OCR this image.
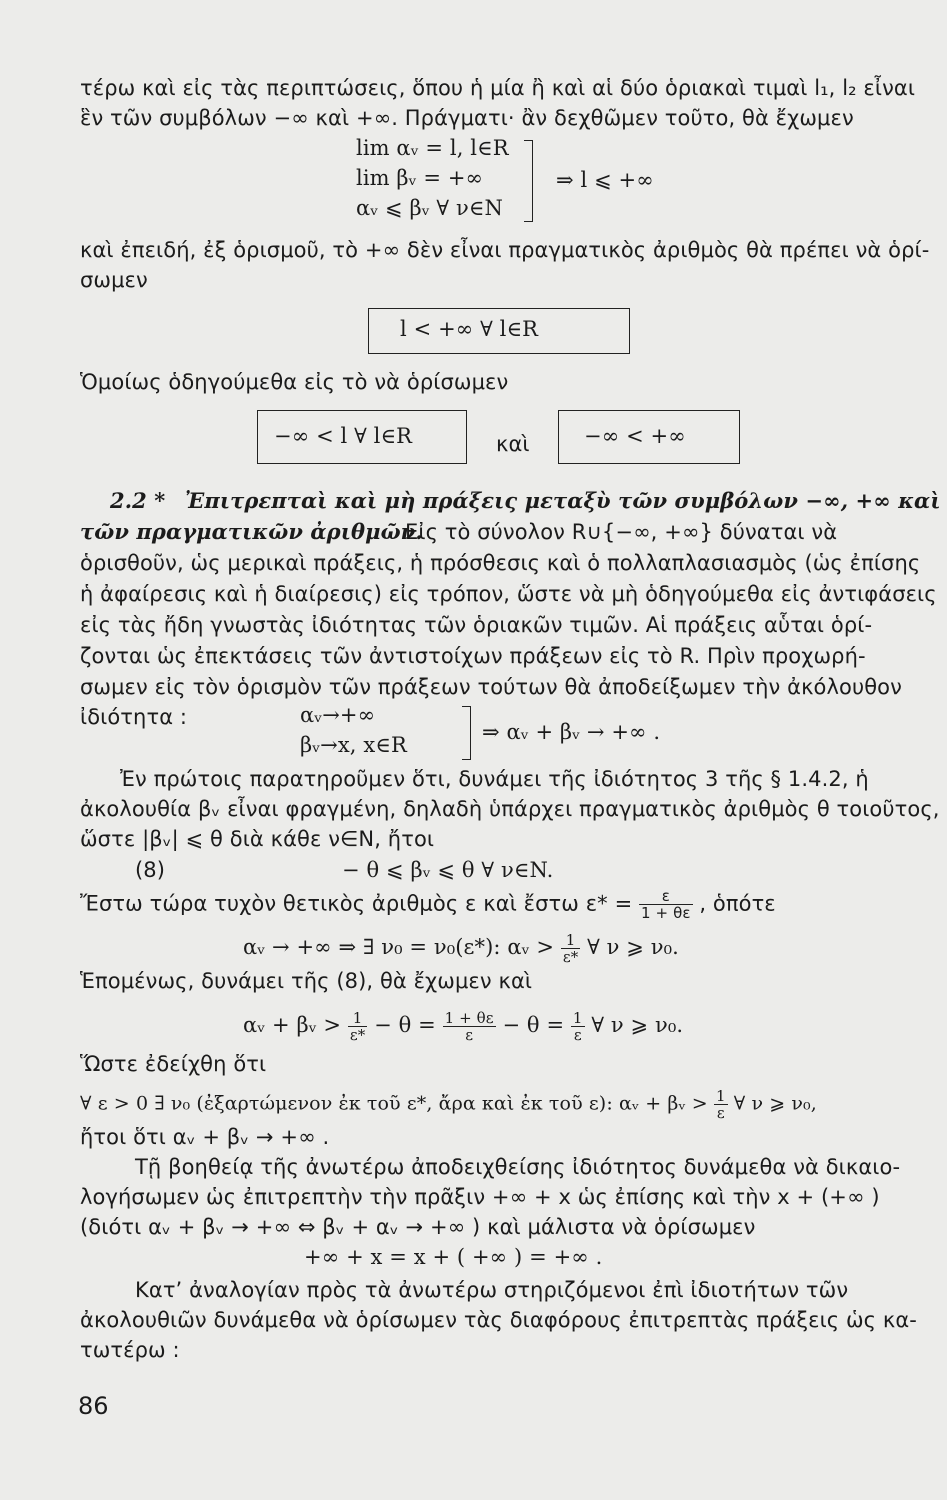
τέρω καὶ εἰς τὰς περιπτώσεις, ὅπου ἡ μία ἢ καὶ αἱ δύο ὁριακαὶ τιμαὶ l₁, l₂ εἶναι
ἓν τῶν συμβόλων −∞ καὶ +∞. Πράγματι· ἂν δεχθῶμεν τοῦτο, θὰ ἔχωμεν
lim αᵥ = l, l∈R
lim βᵥ = +∞
αᵥ ⩽ βᵥ ∀ ν∈N
⇒ l ⩽ +∞
καὶ ἐπειδή, ἐξ ὁρισμοῦ, τὸ +∞ δὲν εἶναι πραγματικὸς ἀριθμὸς θὰ πρέπει νὰ ὁρί-
σωμεν
l < +∞ ∀ l∈R
Ὁμοίως ὁδηγούμεθα εἰς τὸ νὰ ὁρίσωμεν
−∞ < l ∀ l∈R	καὶ	−∞ < +∞
2.2 * Ἐπιτρεπταὶ καὶ μὴ πράξεις μεταξὺ τῶν συμβόλων −∞, +∞ καὶ
τῶν πραγματικῶν ἀριθμῶν.
Εἰς τὸ σύνολον R∪{−∞, +∞} δύναται νὰ
ὁρισθοῦν, ὡς μερικαὶ πράξεις, ἡ πρόσθεσις καὶ ὁ πολλαπλασιασμὸς (ὡς ἐπίσης
ἡ ἀφαίρεσις καὶ ἡ διαίρεσις) εἰς τρόπον, ὥστε νὰ μὴ ὁδηγούμεθα εἰς ἀντιφάσεις
εἰς τὰς ἤδη γνωστὰς ἰδιότητας τῶν ὁριακῶν τιμῶν. Αἱ πράξεις αὗται ὁρί-
ζονται ὡς ἐπεκτάσεις τῶν ἀντιστοίχων πράξεων εἰς τὸ R. Πρὶν προχωρή-
σωμεν εἰς τὸν ὁρισμὸν τῶν πράξεων τούτων θὰ ἀποδείξωμεν τὴν ἀκόλουθον
ἰδιότητα :	αᵥ→+∞
βᵥ→x, x∈R
⇒ αᵥ + βᵥ → +∞ .
Ἐν πρώτοις παρατηροῦμεν ὅτι, δυνάμει τῆς ἰδιότητος 3 τῆς § 1.4.2, ἡ
ἀκολουθία βᵥ εἶναι φραγμένη, δηλαδὴ ὑπάρχει πραγματικὸς ἀριθμὸς θ τοιοῦτος,
ὥστε |βᵥ| ⩽ θ διὰ κάθε ν∈N, ἤτοι
(8)	− θ ⩽ βᵥ ⩽ θ ∀ ν∈N.
Ἔστω τώρα τυχὸν θετικὸς ἀριθμὸς ε καὶ ἔστω $\varepsilon* = \frac{\varepsilon}{1 + \theta\varepsilon}$ , ὁπότε
αᵥ → +∞ ⇒ ∃ ν₀ = ν₀(ε*): αᵥ > $\frac{1}{\varepsilon*}$ ∀ ν ⩾ ν₀.
Ἑπομένως, δυνάμει τῆς (8), θὰ ἔχωμεν καὶ
αᵥ + βᵥ > $\frac{1}{\varepsilon*} - \theta = \frac{1 + \theta\varepsilon}{\varepsilon} - \theta = \frac{1}{\varepsilon}$ ∀ ν ⩾ ν₀.
Ὥστε ἐδείχθη ὅτι
∀ ε > 0 ∃ ν₀ (ἐξαρτώμενον ἐκ τοῦ ε*, ἄρα καὶ ἐκ τοῦ ε): αᵥ + βᵥ > $\frac{1}{\varepsilon}$ ∀ ν ⩾ ν₀,
ἤτοι ὅτι αᵥ + βᵥ → +∞ .
Τῇ βοηθείᾳ τῆς ἀνωτέρω ἀποδειχθείσης ἰδιότητος δυνάμεθα νὰ δικαιο-
λογήσωμεν ὡς ἐπιτρεπτὴν τὴν πρᾶξιν +∞ + x ὡς ἐπίσης καὶ τὴν x + (+∞ )
(διότι αᵥ + βᵥ → +∞ ⇔ βᵥ + αᵥ → +∞ ) καὶ μάλιστα νὰ ὁρίσωμεν
+∞ + x = x + ( +∞ ) = +∞ .
Κατ’ ἀναλογίαν πρὸς τὰ ἀνωτέρω στηριζόμενοι ἐπὶ ἰδιοτήτων τῶν
ἀκολουθιῶν δυνάμεθα νὰ ὁρίσωμεν τὰς διαφόρους ἐπιτρεπτὰς πράξεις ὡς κα-
τωτέρω :
86
